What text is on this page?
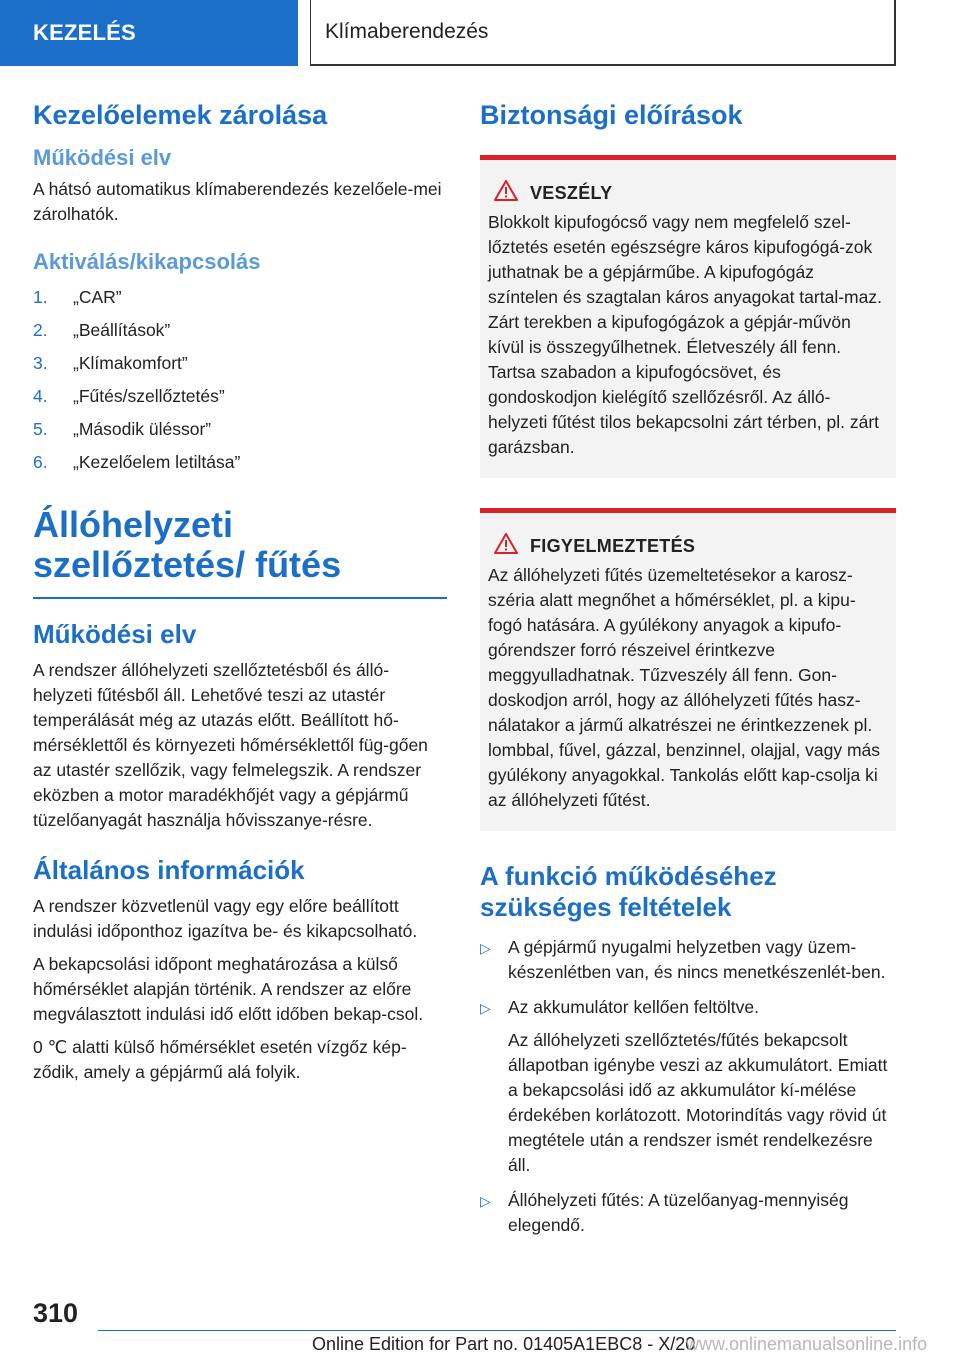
KEZELÉS	Klímaberendezés
Kezelőelemek zárolása
Működési elv

A hátsó automatikus klímaberendezés kezelőele-mei zárolhatók.

Aktiválás/kikapcsolás
1.	„CAR”
2.	„Beállítások”
3.	„Klímakomfort”
4.	„Fűtés/szellőztetés”
5.	„Második üléssor”
6.	„Kezelőelem letiltása”
Állóhelyzeti szellőztetés/ fűtés
Működési elv

A rendszer állóhelyzeti szellőztetésből és álló-helyzeti fűtésből áll. Lehetővé teszi az utastér temperálását még az utazás előtt. Beállított hő-mérséklettől és környezeti hőmérséklettől füg-gően az utastér szellőzik, vagy felmelegszik. A rendszer eközben a motor maradékhőjét vagy a gépjármű tüzelőanyagát használja hővisszanye-résre.

Általános információk

A rendszer közvetlenül vagy egy előre beállított indulási időponthoz igazítva be- és kikapcsolható.

A bekapcsolási időpont meghatározása a külső hőmérséklet alapján történik. A rendszer az előre megválasztott indulási idő előtt időben bekap-csol.

0 ℃ alatti külső hőmérséklet esetén vízgőz kép-ződik, amely a gépjármű alá folyik.

Biztonsági előírások
VESZÉLY

Blokkolt kipufogócső vagy nem megfelelő szel-lőztetés esetén egészségre káros kipufogógá-zok juthatnak be a gépjárműbe. A kipufogógáz színtelen és szagtalan káros anyagokat tartal-maz. Zárt terekben a kipufogógázok a gépjár-művön kívül is összegyűlhetnek. Életveszély áll fenn. Tartsa szabadon a kipufogócsövet, és gondoskodjon kielégítő szellőzésről. Az álló-helyzeti fűtést tilos bekapcsolni zárt térben, pl. zárt garázsban.

FIGYELMEZTETÉS

Az állóhelyzeti fűtés üzemeltetésekor a karosz-széria alatt megnőhet a hőmérséklet, pl. a kipu-fogó hatására. A gyúlékony anyagok a kipufo-górendszer forró részeivel érintkezve meggyulladhatnak. Tűzveszély áll fenn. Gon-doskodjon arról, hogy az állóhelyzeti fűtés hasz-nálatakor a jármű alkatrészei ne érintkezzenek pl. lombbal, fűvel, gázzal, benzinnel, olajjal, vagy más gyúlékony anyagokkal. Tankolás előtt kap-csolja ki az állóhelyzeti fűtést.

A funkció működéséhez szükséges feltételek
▷ A gépjármű nyugalmi helyzetben vagy üzem-készenlétben van, és nincs menetkészenlét-ben.
▷ Az akkumulátor kellően feltöltve.
Az állóhelyzeti szellőztetés/fűtés bekapcsolt állapotban igénybe veszi az akkumulátort. Emiatt a bekapcsolási idő az akkumulátor kí-mélése érdekében korlátozott. Motorindítás vagy rövid út megtétele után a rendszer ismét rendelkezésre áll.
▷ Állóhelyzeti fűtés: A tüzelőanyag-mennyiség elegendő.
310
Online Edition for Part no. 01405A1EBC8 - X/20
www.onlinemanualsonline.info
